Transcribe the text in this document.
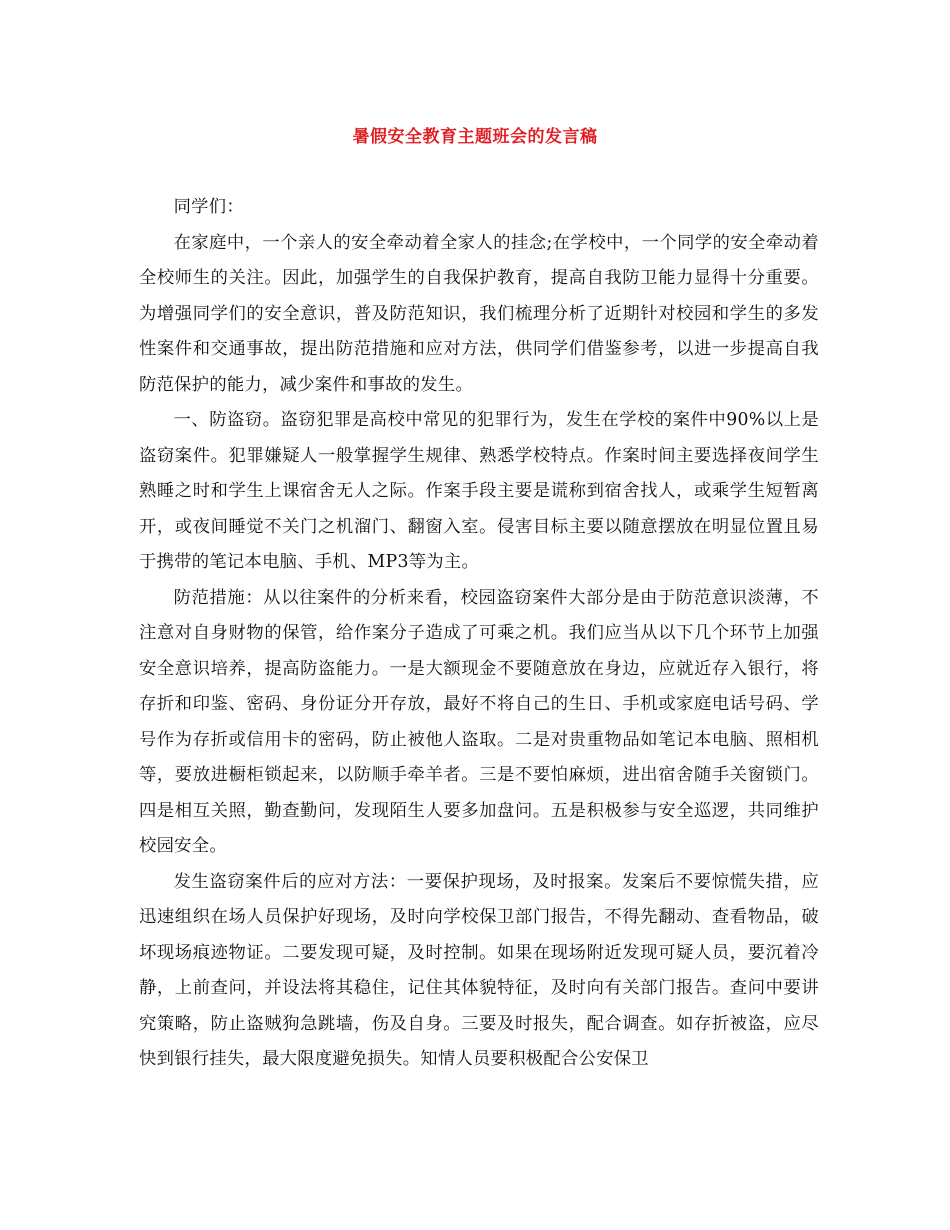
暑假安全教育主题班会的发言稿

同学们：

在家庭中，一个亲人的安全牵动着全家人的挂念;在学校中，一个同学的安全牵动着全校师生的关注。因此，加强学生的自我保护教育，提高自我防卫能力显得十分重要。为增强同学们的安全意识，普及防范知识，我们梳理分析了近期针对校园和学生的多发性案件和交通事故，提出防范措施和应对方法，供同学们借鉴参考，以进一步提高自我防范保护的能力，减少案件和事故的发生。

一、防盗窃。盗窃犯罪是高校中常见的犯罪行为，发生在学校的案件中90%以上是盗窃案件。犯罪嫌疑人一般掌握学生规律、熟悉学校特点。作案时间主要选择夜间学生熟睡之时和学生上课宿舍无人之际。作案手段主要是谎称到宿舍找人，或乘学生短暂离开，或夜间睡觉不关门之机溜门、翻窗入室。侵害目标主要以随意摆放在明显位置且易于携带的笔记本电脑、手机、MP3等为主。

防范措施：从以往案件的分析来看，校园盗窃案件大部分是由于防范意识淡薄，不注意对自身财物的保管，给作案分子造成了可乘之机。我们应当从以下几个环节上加强安全意识培养，提高防盗能力。一是大额现金不要随意放在身边，应就近存入银行，将存折和印鉴、密码、身份证分开存放，最好不将自己的生日、手机或家庭电话号码、学号作为存折或信用卡的密码，防止被他人盗取。二是对贵重物品如笔记本电脑、照相机等，要放进橱柜锁起来，以防顺手牵羊者。三是不要怕麻烦，进出宿舍随手关窗锁门。四是相互关照，勤查勤问，发现陌生人要多加盘问。五是积极参与安全巡逻，共同维护校园安全。

发生盗窃案件后的应对方法：一要保护现场，及时报案。发案后不要惊慌失措，应迅速组织在场人员保护好现场，及时向学校保卫部门报告，不得先翻动、查看物品，破坏现场痕迹物证。二要发现可疑，及时控制。如果在现场附近发现可疑人员，要沉着冷静，上前查问，并设法将其稳住，记住其体貌特征，及时向有关部门报告。查问中要讲究策略，防止盗贼狗急跳墙，伤及自身。三要及时报失，配合调查。如存折被盗，应尽快到银行挂失，最大限度避免损失。知情人员要积极配合公安保卫
